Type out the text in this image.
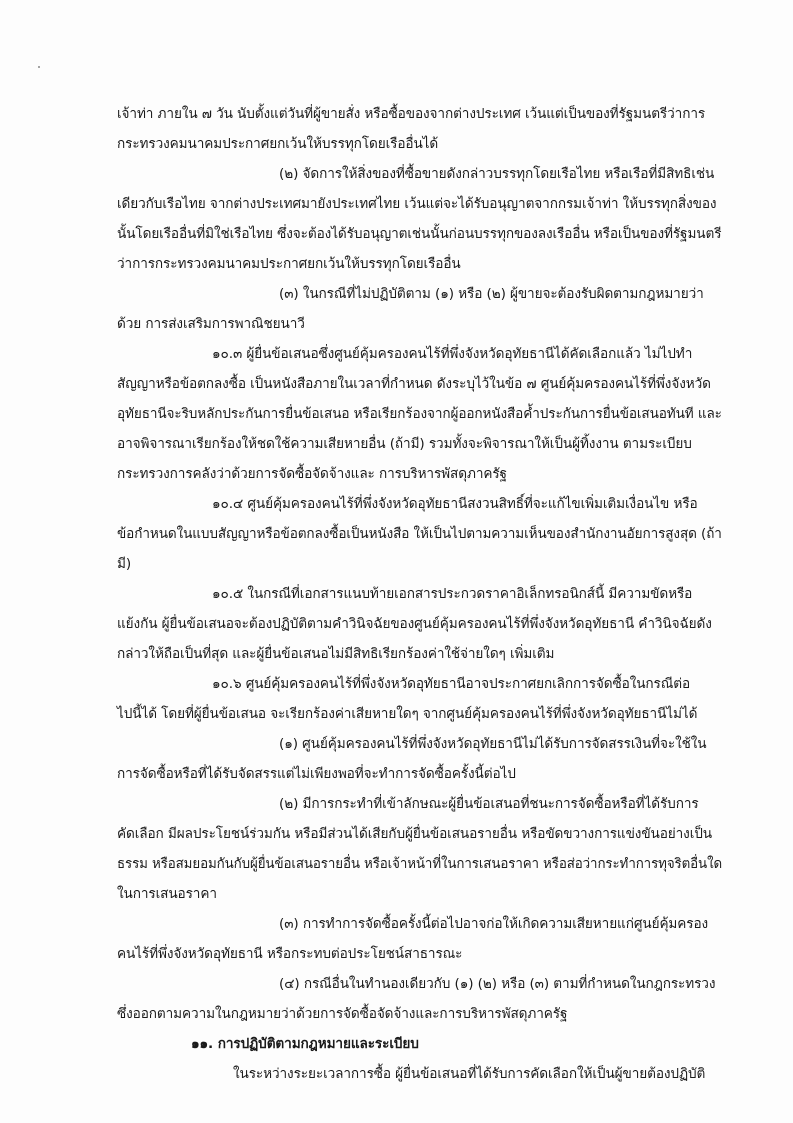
เจ้าท่า ภายใน ๗ วัน นับตั้งแต่วันที่ผู้ขายสั่ง หรือซื้อของจากต่างประเทศ เว้นแต่เป็นของที่รัฐมนตรีว่าการ
กระทรวงคมนาคมประกาศยกเว้นให้บรรทุกโดยเรืออื่นได้
(๒) จัดการให้สิ่งของที่ซื้อขายดังกล่าวบรรทุกโดยเรือไทย หรือเรือที่มีสิทธิเช่น
เดียวกับเรือไทย จากต่างประเทศมายังประเทศไทย เว้นแต่จะได้รับอนุญาตจากกรมเจ้าท่า ให้บรรทุกสิ่งของ
นั้นโดยเรืออื่นที่มิใช่เรือไทย ซึ่งจะต้องได้รับอนุญาตเช่นนั้นก่อนบรรทุกของลงเรืออื่น หรือเป็นของที่รัฐมนตรี
ว่าการกระทรวงคมนาคมประกาศยกเว้นให้บรรทุกโดยเรืออื่น
(๓) ในกรณีที่ไม่ปฏิบัติตาม (๑) หรือ (๒) ผู้ขายจะต้องรับผิดตามกฎหมายว่า
ด้วย การส่งเสริมการพาณิชยนาวี
๑๐.๓ ผู้ยื่นข้อเสนอซึ่งศูนย์คุ้มครองคนไร้ที่พึ่งจังหวัดอุทัยธานีได้คัดเลือกแล้ว ไม่ไปทำ
สัญญาหรือข้อตกลงซื้อ เป็นหนังสือภายในเวลาที่กำหนด ดังระบุไว้ในข้อ ๗ ศูนย์คุ้มครองคนไร้ที่พึ่งจังหวัด
อุทัยธานีจะริบหลักประกันการยื่นข้อเสนอ หรือเรียกร้องจากผู้ออกหนังสือค้ำประกันการยื่นข้อเสนอทันที และ
อาจพิจารณาเรียกร้องให้ชดใช้ความเสียหายอื่น (ถ้ามี) รวมทั้งจะพิจารณาให้เป็นผู้ทิ้งงาน ตามระเบียบ
กระทรวงการคลังว่าด้วยการจัดซื้อจัดจ้างและ การบริหารพัสดุภาครัฐ
๑๐.๔ ศูนย์คุ้มครองคนไร้ที่พึ่งจังหวัดอุทัยธานีสงวนสิทธิ์ที่จะแก้ไขเพิ่มเติมเงื่อนไข หรือ
ข้อกำหนดในแบบสัญญาหรือข้อตกลงซื้อเป็นหนังสือ ให้เป็นไปตามความเห็นของสำนักงานอัยการสูงสุด (ถ้า
มี)
๑๐.๕ ในกรณีที่เอกสารแนบท้ายเอกสารประกวดราคาอิเล็กทรอนิกส์นี้ มีความขัดหรือ
แย้งกัน ผู้ยื่นข้อเสนอจะต้องปฏิบัติตามคำวินิจฉัยของศูนย์คุ้มครองคนไร้ที่พึ่งจังหวัดอุทัยธานี คำวินิจฉัยดัง
กล่าวให้ถือเป็นที่สุด และผู้ยื่นข้อเสนอไม่มีสิทธิเรียกร้องค่าใช้จ่ายใดๆ เพิ่มเติม
๑๐.๖ ศูนย์คุ้มครองคนไร้ที่พึ่งจังหวัดอุทัยธานีอาจประกาศยกเลิกการจัดซื้อในกรณีต่อ
ไปนี้ได้ โดยที่ผู้ยื่นข้อเสนอ จะเรียกร้องค่าเสียหายใดๆ จากศูนย์คุ้มครองคนไร้ที่พึ่งจังหวัดอุทัยธานีไม่ได้
(๑) ศูนย์คุ้มครองคนไร้ที่พึ่งจังหวัดอุทัยธานีไม่ได้รับการจัดสรรเงินที่จะใช้ใน
การจัดซื้อหรือที่ได้รับจัดสรรแต่ไม่เพียงพอที่จะทำการจัดซื้อครั้งนี้ต่อไป
(๒) มีการกระทำที่เข้าลักษณะผู้ยื่นข้อเสนอที่ชนะการจัดซื้อหรือที่ได้รับการ
คัดเลือก มีผลประโยชน์ร่วมกัน หรือมีส่วนได้เสียกับผู้ยื่นข้อเสนอรายอื่น หรือขัดขวางการแข่งขันอย่างเป็น
ธรรม หรือสมยอมกันกับผู้ยื่นข้อเสนอรายอื่น หรือเจ้าหน้าที่ในการเสนอราคา หรือส่อว่ากระทำการทุจริตอื่นใด
ในการเสนอราคา
(๓) การทำการจัดซื้อครั้งนี้ต่อไปอาจก่อให้เกิดความเสียหายแก่ศูนย์คุ้มครอง
คนไร้ที่พึ่งจังหวัดอุทัยธานี หรือกระทบต่อประโยชน์สาธารณะ
(๔) กรณีอื่นในทำนองเดียวกับ (๑) (๒) หรือ (๓) ตามที่กำหนดในกฎกระทรวง
ซึ่งออกตามความในกฎหมายว่าด้วยการจัดซื้อจัดจ้างและการบริหารพัสดุภาครัฐ
๑๑. การปฏิบัติตามกฎหมายและระเบียบ
ในระหว่างระยะเวลาการซื้อ ผู้ยื่นข้อเสนอที่ได้รับการคัดเลือกให้เป็นผู้ขายต้องปฏิบัติ
